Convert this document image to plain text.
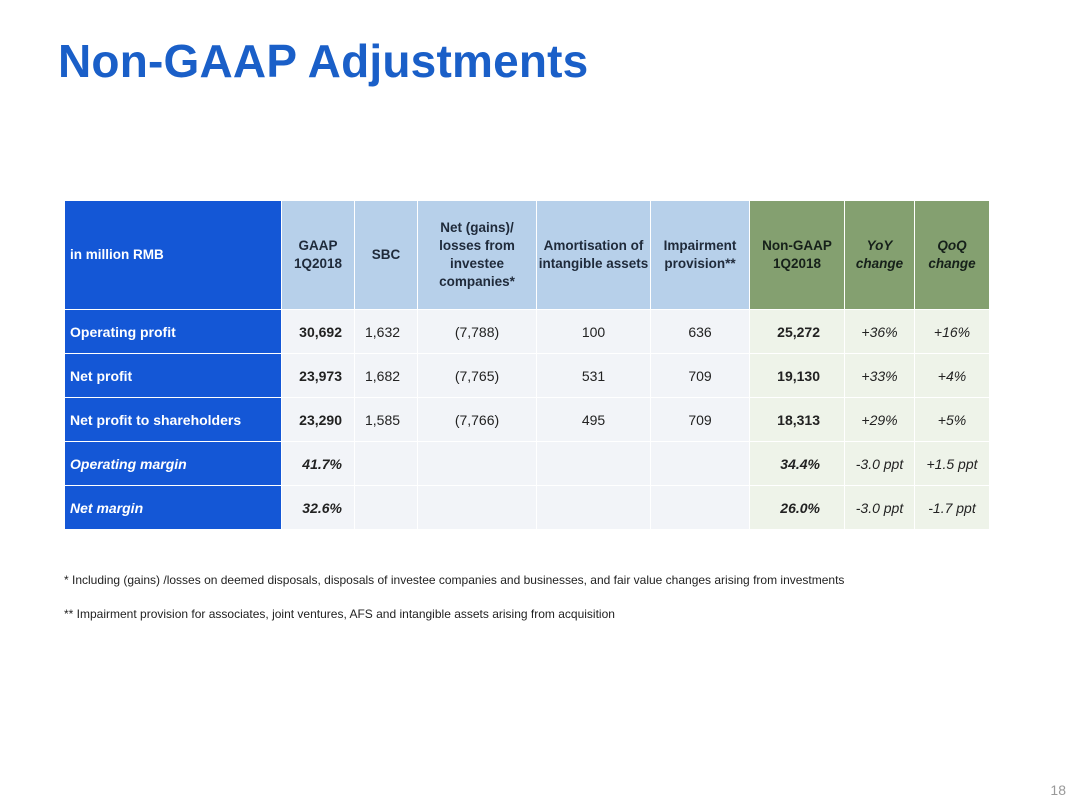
Non-GAAP Adjustments
in million RMB	GAAP 1Q2018	SBC	Net (gains)/ losses from investee companies*	Amortisation of intangible assets	Impairment provision**	Non-GAAP 1Q2018	YoY change	QoQ change
Operating profit	30,692	1,632	(7,788)	100	636	25,272	+36%	+16%
Net profit	23,973	1,682	(7,765)	531	709	19,130	+33%	+4%
Net profit to shareholders	23,290	1,585	(7,766)	495	709	18,313	+29%	+5%
Operating margin	41.7%					34.4%	-3.0 ppt	+1.5 ppt
Net margin	32.6%					26.0%	-3.0 ppt	-1.7 ppt

* Including (gains) /losses on deemed disposals, disposals of investee companies and businesses, and fair value changes arising from investments

** Impairment provision for associates, joint ventures, AFS and intangible assets arising from acquisition

18
